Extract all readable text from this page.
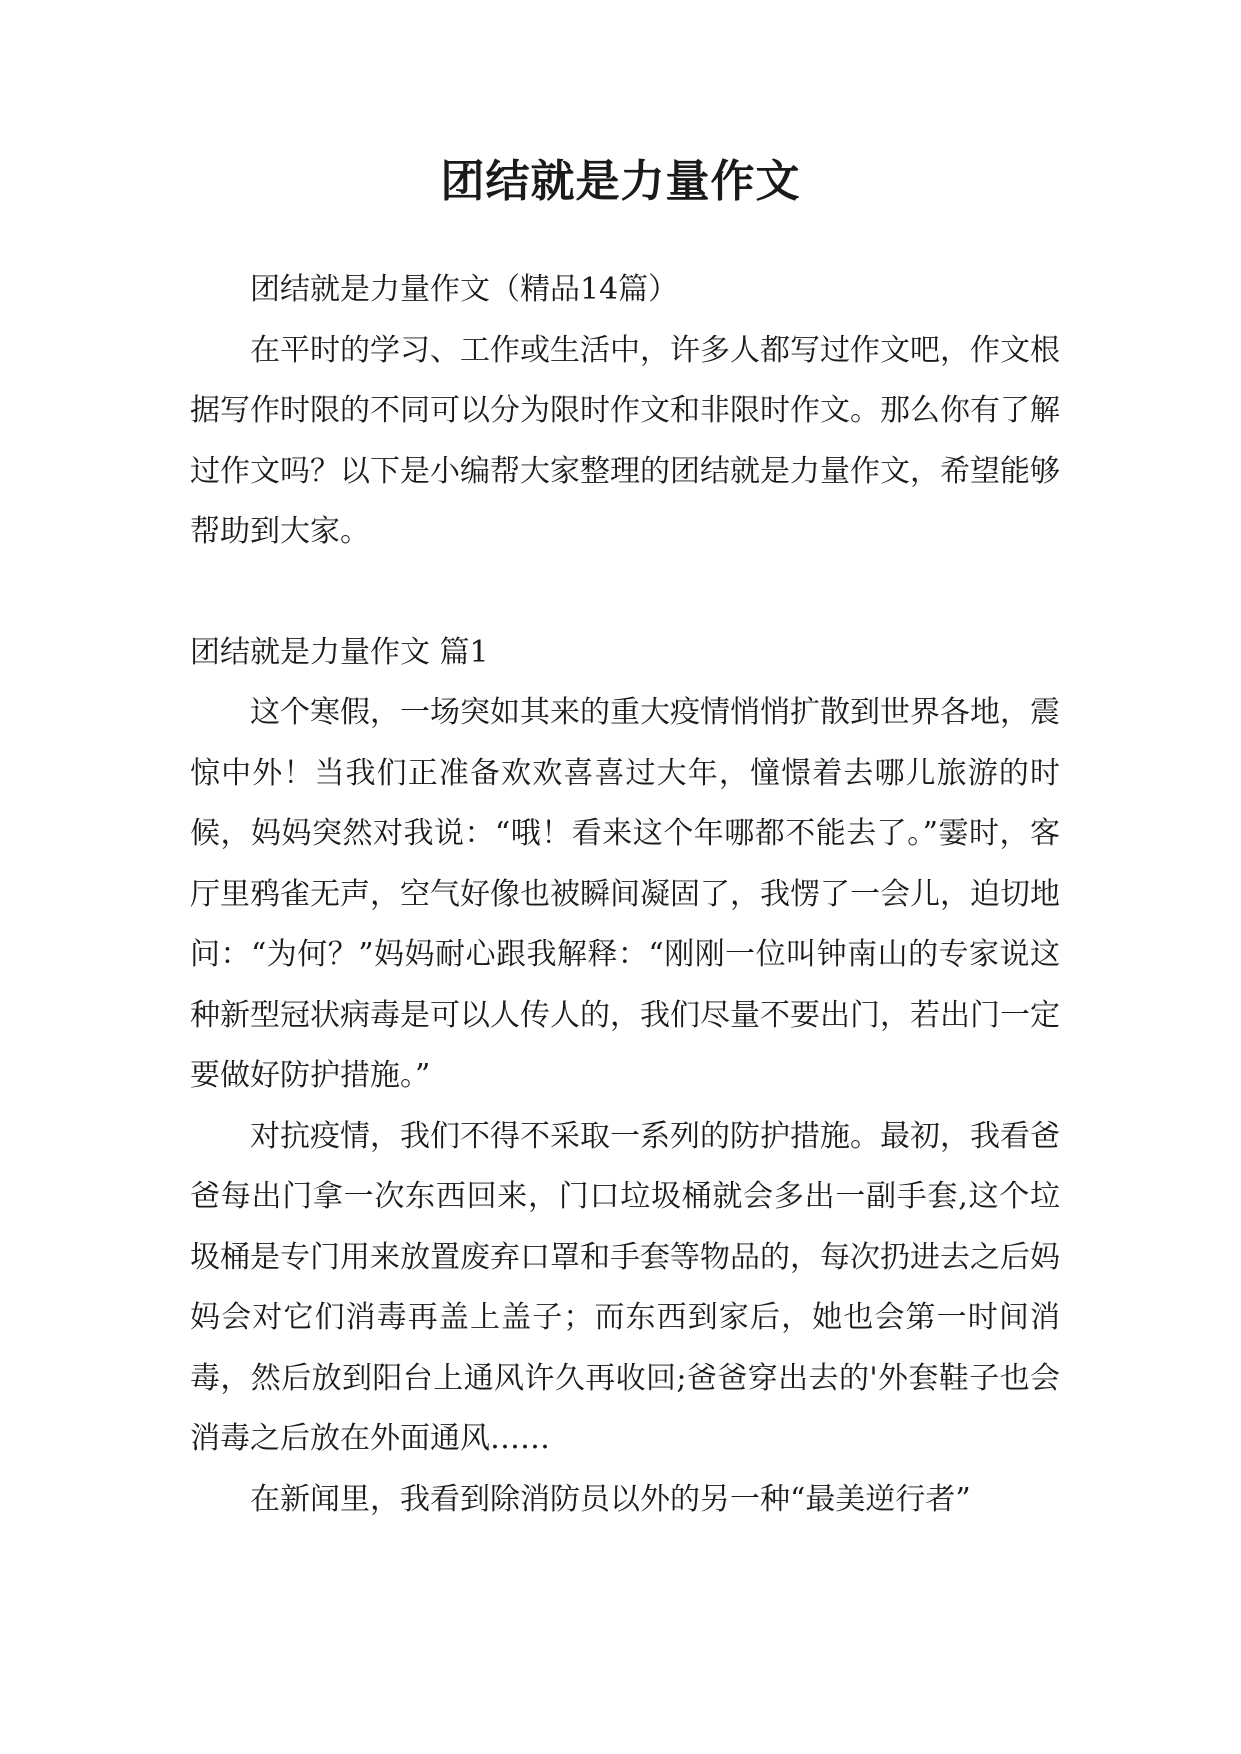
团结就是力量作文

团结就是力量作文（精品14篇）

在平时的学习、工作或生活中，许多人都写过作文吧，作文根据写作时限的不同可以分为限时作文和非限时作文。那么你有了解过作文吗？以下是小编帮大家整理的团结就是力量作文，希望能够帮助到大家。

团结就是力量作文 篇1

这个寒假，一场突如其来的重大疫情悄悄扩散到世界各地，震惊中外！当我们正准备欢欢喜喜过大年，憧憬着去哪儿旅游的时候，妈妈突然对我说：“哦！看来这个年哪都不能去了。”霎时，客厅里鸦雀无声，空气好像也被瞬间凝固了，我愣了一会儿，迫切地问：“为何？”妈妈耐心跟我解释：“刚刚一位叫钟南山的专家说这种新型冠状病毒是可以人传人的，我们尽量不要出门，若出门一定要做好防护措施。”

对抗疫情，我们不得不采取一系列的防护措施。最初，我看爸爸每出门拿一次东西回来，门口垃圾桶就会多出一副手套,这个垃圾桶是专门用来放置废弃口罩和手套等物品的，每次扔进去之后妈妈会对它们消毒再盖上盖子；而东西到家后，她也会第一时间消毒，然后放到阳台上通风许久再收回;爸爸穿出去的'外套鞋子也会消毒之后放在外面通风……

在新闻里，我看到除消防员以外的另一种“最美逆行者”
